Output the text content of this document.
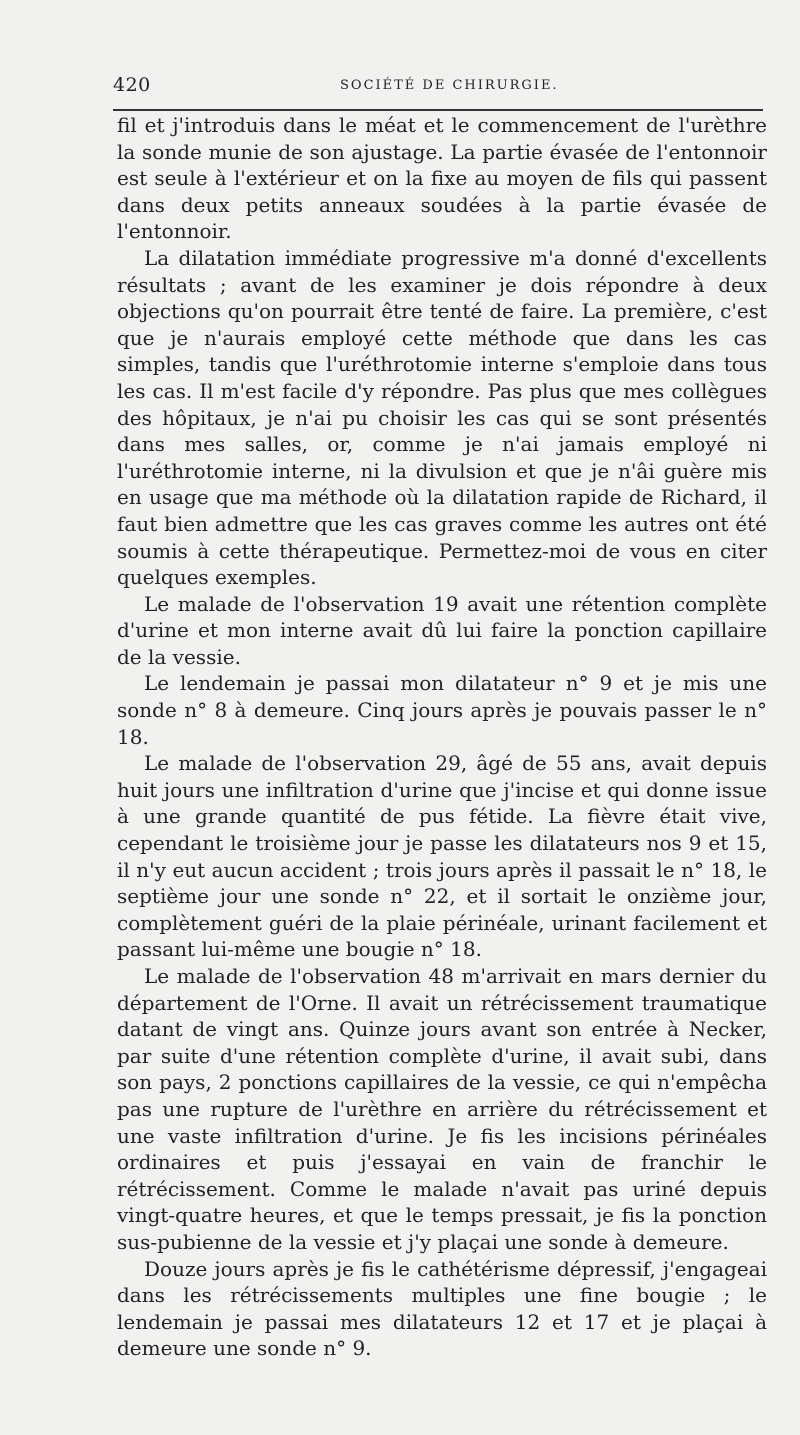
420	SOCIÉTÉ DE CHIRURGIE.

fil et j'introduis dans le méat et le commencement de l'urèthre la sonde munie de son ajustage. La partie évasée de l'entonnoir est seule à l'extérieur et on la fixe au moyen de fils qui passent dans deux petits anneaux soudées à la partie évasée de l'entonnoir.

La dilatation immédiate progressive m'a donné d'excellents résultats ; avant de les examiner je dois répondre à deux objections qu'on pourrait être tenté de faire. La première, c'est que je n'aurais employé cette méthode que dans les cas simples, tandis que l'uréthrotomie interne s'emploie dans tous les cas. Il m'est facile d'y répondre. Pas plus que mes collègues des hôpitaux, je n'ai pu choisir les cas qui se sont présentés dans mes salles, or, comme je n'ai jamais employé ni l'uréthrotomie interne, ni la divulsion et que je n'âi guère mis en usage que ma méthode où la dilatation rapide de Richard, il faut bien admettre que les cas graves comme les autres ont été soumis à cette thérapeutique. Permettez-moi de vous en citer quelques exemples.

Le malade de l'observation 19 avait une rétention complète d'urine et mon interne avait dû lui faire la ponction capillaire de la vessie.

Le lendemain je passai mon dilatateur n° 9 et je mis une sonde n° 8 à demeure. Cinq jours après je pouvais passer le n° 18.

Le malade de l'observation 29, âgé de 55 ans, avait depuis huit jours une infiltration d'urine que j'incise et qui donne issue à une grande quantité de pus fétide. La fièvre était vive, cependant le troisième jour je passe les dilatateurs nos 9 et 15, il n'y eut aucun accident ; trois jours après il passait le n° 18, le septième jour une sonde n° 22, et il sortait le onzième jour, complètement guéri de la plaie périnéale, urinant facilement et passant lui-même une bougie n° 18.

Le malade de l'observation 48 m'arrivait en mars dernier du département de l'Orne. Il avait un rétrécissement traumatique datant de vingt ans. Quinze jours avant son entrée à Necker, par suite d'une rétention complète d'urine, il avait subi, dans son pays, 2 ponctions capillaires de la vessie, ce qui n'empêcha pas une rupture de l'urèthre en arrière du rétrécissement et une vaste infiltration d'urine. Je fis les incisions périnéales ordinaires et puis j'essayai en vain de franchir le rétrécissement. Comme le malade n'avait pas uriné depuis vingt-quatre heures, et que le temps pressait, je fis la ponction sus-pubienne de la vessie et j'y plaçai une sonde à demeure.

Douze jours après je fis le cathétérisme dépressif, j'engageai dans les rétrécissements multiples une fine bougie ; le lendemain je passai mes dilatateurs 12 et 17 et je plaçai à demeure une sonde n° 9.
